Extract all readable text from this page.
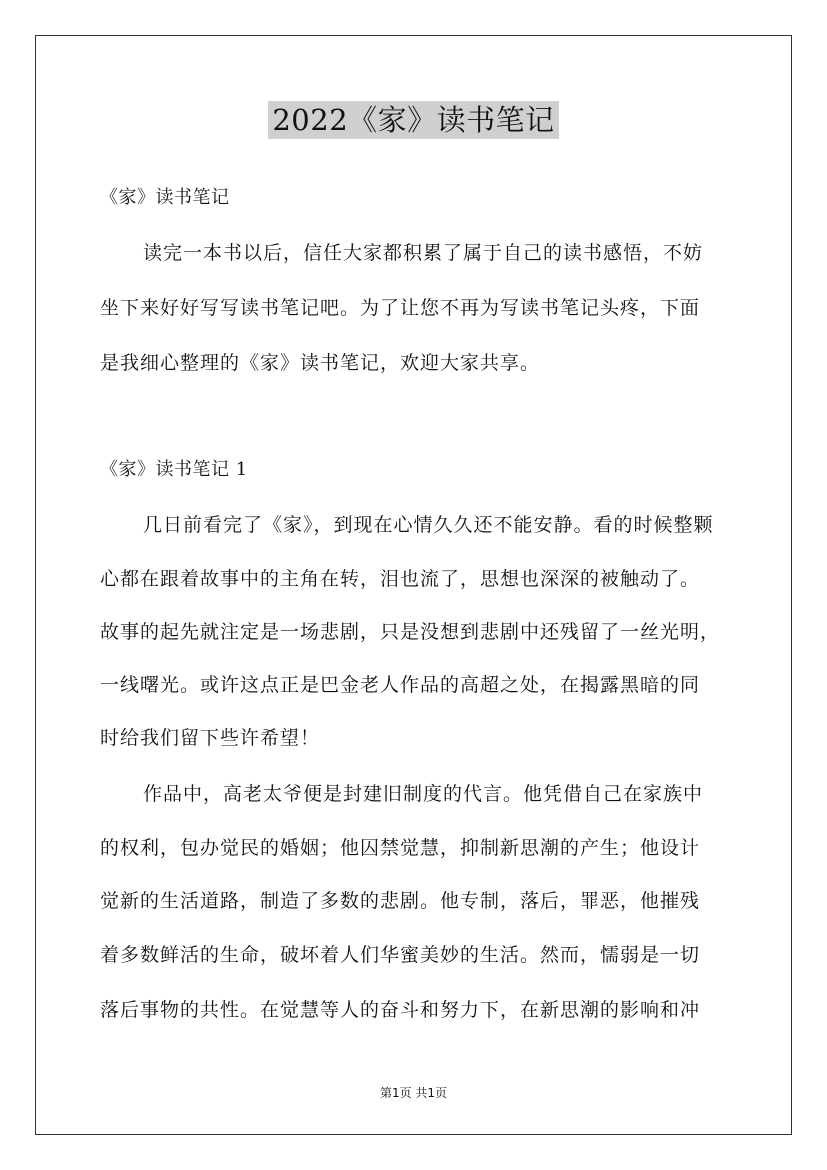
2022《家》读书笔记
《家》读书笔记
读完一本书以后，信任大家都积累了属于自己的读书感悟，不妨
坐下来好好写写读书笔记吧。为了让您不再为写读书笔记头疼，下面
是我细心整理的《家》读书笔记，欢迎大家共享。
《家》读书笔记 1
几日前看完了《家》，到现在心情久久还不能安静。看的时候整颗
心都在跟着故事中的主角在转，泪也流了，思想也深深的被触动了。
故事的起先就注定是一场悲剧，只是没想到悲剧中还残留了一丝光明，
一线曙光。或许这点正是巴金老人作品的高超之处，在揭露黑暗的同
时给我们留下些许希望！
作品中，高老太爷便是封建旧制度的代言。他凭借自己在家族中
的权利，包办觉民的婚姻；他囚禁觉慧，抑制新思潮的产生；他设计
觉新的生活道路，制造了多数的悲剧。他专制，落后，罪恶，他摧残
着多数鲜活的生命，破坏着人们华蜜美妙的生活。然而，懦弱是一切
落后事物的共性。在觉慧等人的奋斗和努力下，在新思潮的影响和冲
第1页 共1页
